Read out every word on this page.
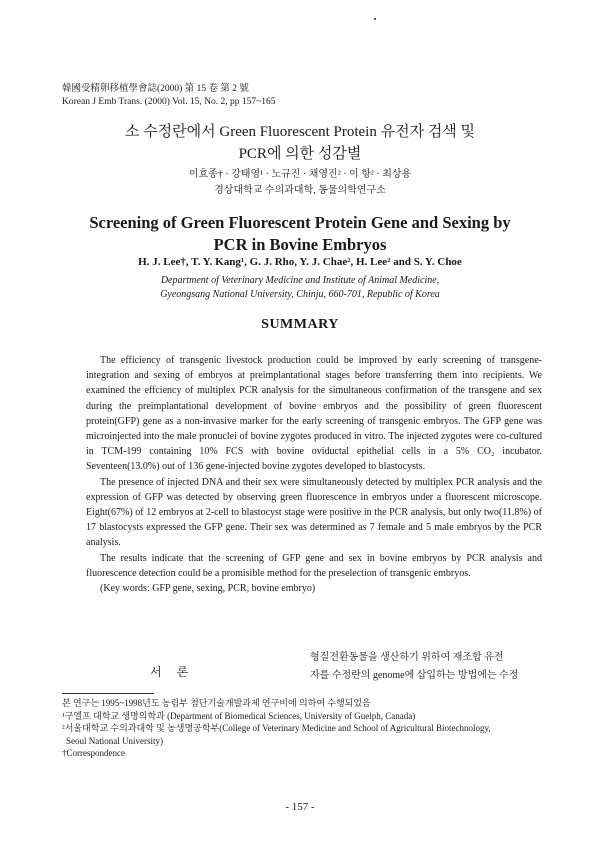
韓國受精卵移植學會誌(2000) 第 15 卷 第 2 號
Korean J Emb Trans. (2000) Vol. 15, No. 2, pp 157~165
소 수정란에서 Green Fluorescent Protein 유전자 검색 및
PCR에 의한 성감별
이효종† · 강태영¹ · 노규진 · 채영진² · 이 항² · 최상용
경상대학교 수의과대학, 동물의학연구소
Screening of Green Fluorescent Protein Gene and Sexing by
PCR in Bovine Embryos
H. J. Lee†, T. Y. Kang¹, G. J. Rho, Y. J. Chae², H. Lee² and S. Y. Choe
Department of Veterinary Medicine and Institute of Animal Medicine,
Gyeongsang National University, Chinju, 660-701, Republic of Korea
SUMMARY

The efficiency of transgenic livestock production could be improved by early screening of transgene-integration and sexing of embryos at preimplantational stages before transferring them into recipients. We examined the effciency of multiplex PCR analysis for the simultaneous confirmation of the transgene and sex during the preimplantational development of bovine embryos and the possibility of green fluorescent protein(GFP) gene as a non-invasive marker for the early screening of transgenic embryos. The GFP gene was microinjected into the male pronuclei of bovine zygotes produced in vitro. The injected zygotes were co-cultured in TCM-199 containing 10% FCS with bovine oviductal epithelial cells in a 5% CO₂ incubator. Seventeen(13.0%) out of 136 gene-injected bovine zygotes developed to blastocysts.

The presence of injected DNA and their sex were simultaneously detected by multiplex PCR analysis and the expression of GFP was detected by observing green fluorescence in embryos under a fluorescent microscope. Eight(67%) of 12 embryos at 2-cell to blastocyst stage were positive in the PCR analysis, but only two(11.8%) of 17 blastocysts expressed the GFP gene. Their sex was determined as 7 female and 5 male embryos by the PCR analysis.

The results indicate that the screening of GFP gene and sex in bovine embryos by PCR analysis and fluorescence detection could be a promisible method for the preselection of transgenic embryos.

(Key words: GFP gene, sexing, PCR, bovine embryo)

서 론
형질전환동물을 생산하기 위하여 재조합 유전
자를 수정란의 genome에 삽입하는 방법에는 수정
본 연구는 1995~1998년도 농림부 첨단기술개발과제 연구비에 의하여 수행되었음
¹구엘프 대학교 생명의학과 (Department of Biomedical Sciences, University of Guelph, Canada)
²서울대학교 수의과대학 및 농생명공학부(College of Veterinary Medicine and School of Agricultural Biotechnology,
Seoul National University)
†Correspondence
- 157 -
